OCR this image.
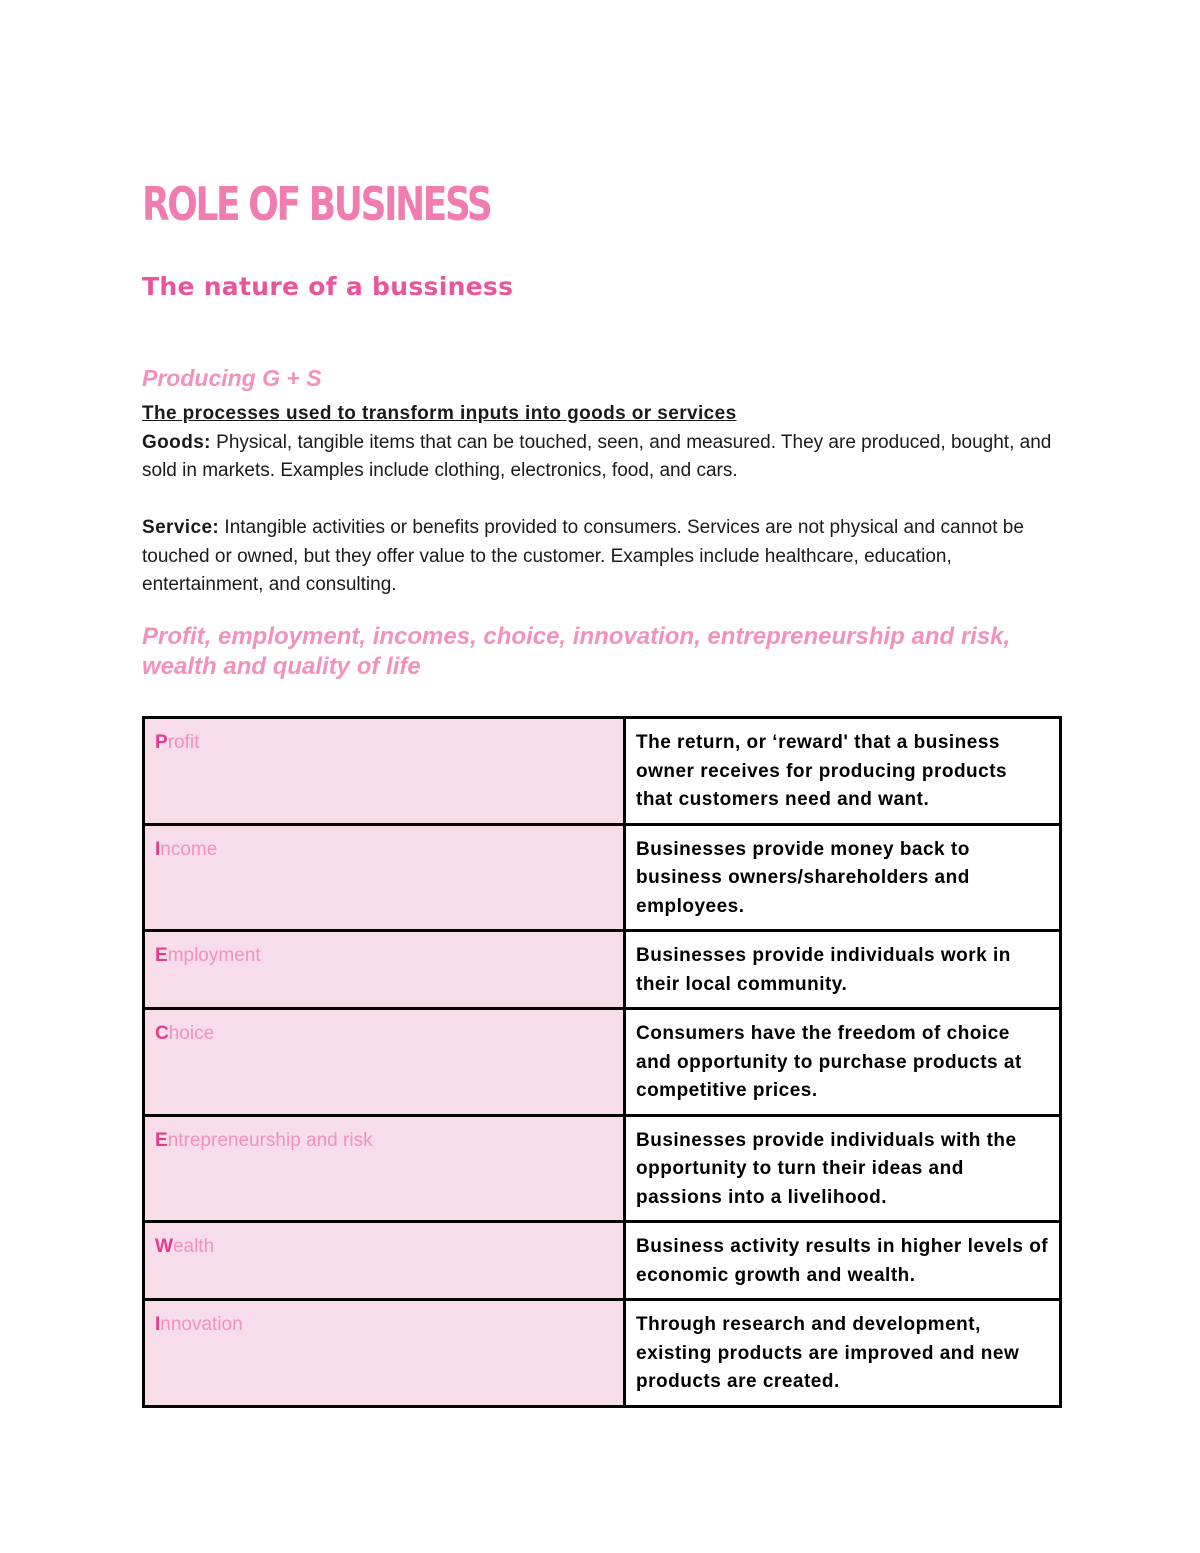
ROLE OF BUSINESS
The nature of a bussiness
Producing G + S

The processes used to transform inputs into goods or services

Goods: Physical, tangible items that can be touched, seen, and measured. They are produced, bought, and sold in markets. Examples include clothing, electronics, food, and cars.

Service: Intangible activities or benefits provided to consumers. Services are not physical and cannot be touched or owned, but they offer value to the customer. Examples include healthcare, education, entertainment, and consulting.

Profit, employment, incomes, choice, innovation, entrepreneurship and risk, wealth and quality of life
Profit	The return, or ‘reward' that a business owner receives for producing products that customers need and want.
Income	Businesses provide money back to business owners/shareholders and employees.
Employment	Businesses provide individuals work in their local community.
Choice	Consumers have the freedom of choice and opportunity to purchase products at competitive prices.
Entrepreneurship and risk	Businesses provide individuals with the opportunity to turn their ideas and passions into a livelihood.
Wealth	Business activity results in higher levels of economic growth and wealth.
Innovation	Through research and development, existing products are improved and new products are created.
